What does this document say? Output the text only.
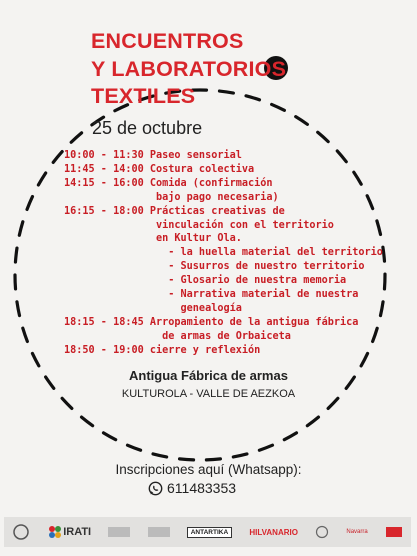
ENCUENTROS
Y LABORATORIOS
TEXTILES
25 de octubre
10:00 - 11:30 Paseo sensorial
11:45 - 14:00 Costura colectiva
14:15 - 16:00 Comida (confirmación
bajo pago necesaria)
16:15 - 18:00 Prácticas creativas de
vinculación con el territorio
en Kultur Ola.
- la huella material del territorio
- Susurros de nuestro territorio
- Glosario de nuestra memoria
- Narrativa material de nuestra
genealogía
18:15 - 18:45 Arropamiento de la antigua fábrica
de armas de Orbaiceta
18:50 - 19:00 cierre y reflexión
Antigua Fábrica de armas
KULTUROLA - VALLE DE AEZKOA
Inscripciones aquí (Whatsapp):
611483353
IRATI	ANTARTIKA	HILVANARIO	Navarra
